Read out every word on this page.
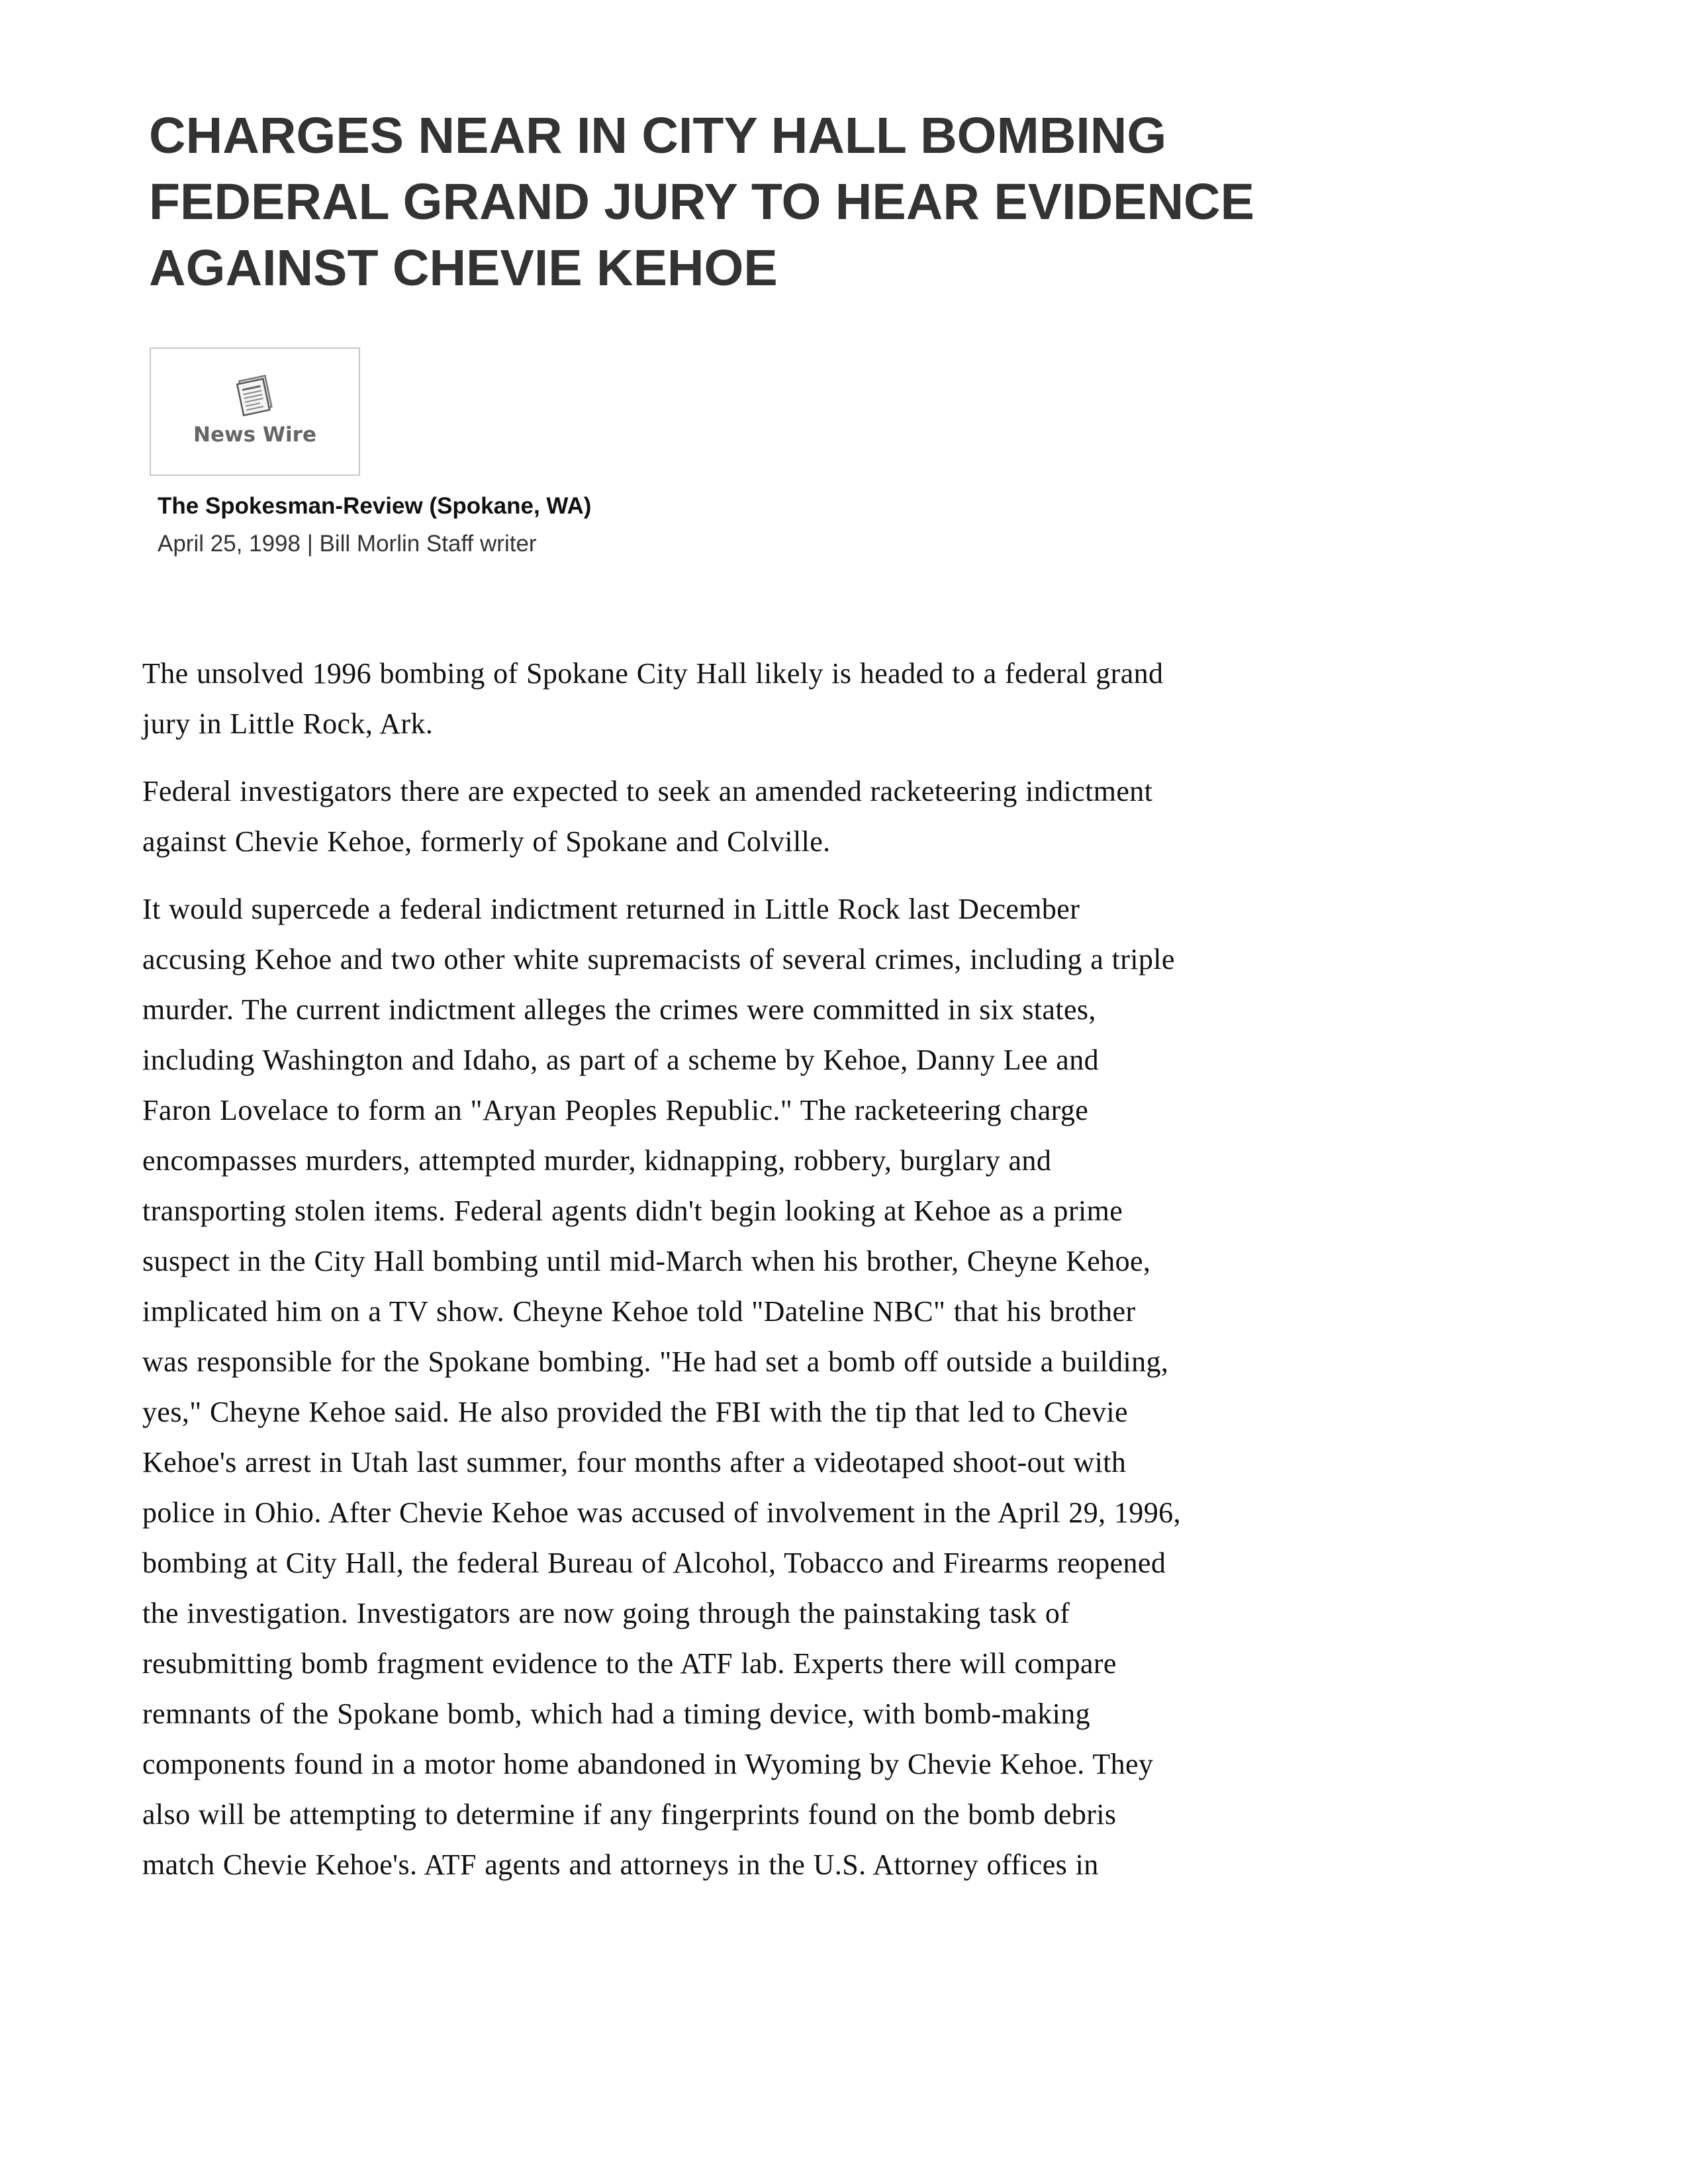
CHARGES NEAR IN CITY HALL BOMBING
FEDERAL GRAND JURY TO HEAR EVIDENCE
AGAINST CHEVIE KEHOE
News Wire
The Spokesman-Review (Spokane, WA)
April 25, 1998 | Bill Morlin Staff writer

The unsolved 1996 bombing of Spokane City Hall likely is headed to a federal grand
jury in Little Rock, Ark.

Federal investigators there are expected to seek an amended racketeering indictment
against Chevie Kehoe, formerly of Spokane and Colville.

It would supercede a federal indictment returned in Little Rock last December
accusing Kehoe and two other white supremacists of several crimes, including a triple
murder. The current indictment alleges the crimes were committed in six states,
including Washington and Idaho, as part of a scheme by Kehoe, Danny Lee and
Faron Lovelace to form an "Aryan Peoples Republic." The racketeering charge
encompasses murders, attempted murder, kidnapping, robbery, burglary and
transporting stolen items. Federal agents didn't begin looking at Kehoe as a prime
suspect in the City Hall bombing until mid-March when his brother, Cheyne Kehoe,
implicated him on a TV show. Cheyne Kehoe told "Dateline NBC" that his brother
was responsible for the Spokane bombing. "He had set a bomb off outside a building,
yes," Cheyne Kehoe said. He also provided the FBI with the tip that led to Chevie
Kehoe's arrest in Utah last summer, four months after a videotaped shoot-out with
police in Ohio. After Chevie Kehoe was accused of involvement in the April 29, 1996,
bombing at City Hall, the federal Bureau of Alcohol, Tobacco and Firearms reopened
the investigation. Investigators are now going through the painstaking task of
resubmitting bomb fragment evidence to the ATF lab. Experts there will compare
remnants of the Spokane bomb, which had a timing device, with bomb-making
components found in a motor home abandoned in Wyoming by Chevie Kehoe. They
also will be attempting to determine if any fingerprints found on the bomb debris
match Chevie Kehoe's. ATF agents and attorneys in the U.S. Attorney offices in
